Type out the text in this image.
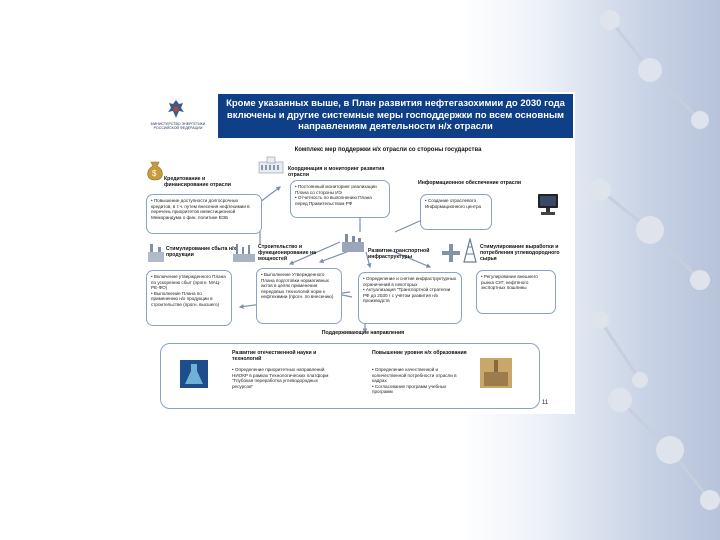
МИНИСТЕРСТВО ЭНЕРГЕТИКИ РОССИЙСКОЙ ФЕДЕРАЦИИ
Кроме указанных выше, в План развития нефтегазохимии до 2030 года включены и другие системные меры господдержки по всем основным направлениям деятельности н/х отрасли
Комплекс мер поддержки н/х отрасли со стороны государства
Координация и мониторинг развития отрасли
• Постоянный мониторинг реализации Плана со стороны ИЭ
• Отчетность по выполнению Плана перед Правительством РФ
Информационное обеспечение отрасли
• Создание отраслевого Информационного центра
$
Кредитование и финансирование отрасли
• Повышение доступности долгосрочных кредитов, в т.ч. путем внесения нефтехимии в перечень приоритетов инвестиционной Меморандума о фин. политике ВЭБ
Стимулирование сбыта н/х продукции
• Включение утвержденного Плана по ускорению сбыт (прогн. МАЦ-РЕ-ФО)
• Выполнение Плана по применению н/х продукции в строительстве (прогн. высшего)
Строительство и функционирование на мощностей
• Выполнение Утвержденного Плана подготовки нормативных актов в целях применения передовых технологий норм к нефтехимии (прогн. по внесению)
Развитие транспортной инфраструктуры
• Определение и снятие инфраструктурных ограничений в некоторых
• Актуализация "Транспортной стратегии РФ до 2030 г с учётом развития н/х производств
Стимулирование выработки и потребления углеводородного сырья
• Регулирование внешнего рынка СУГ, нефтяного экспортных пошлины
Поддерживающие направления
Развитие отечественной науки и технологий
• Определение приоритетных направлений НИОКР в рамках Технологических платформ "Глубокая переработка углеводородных ресурсов"
Повышение уровня н/х образования
• Определение качественной и количественной потребности отрасли в кадрах
• Согласование программ учебных программ
11
